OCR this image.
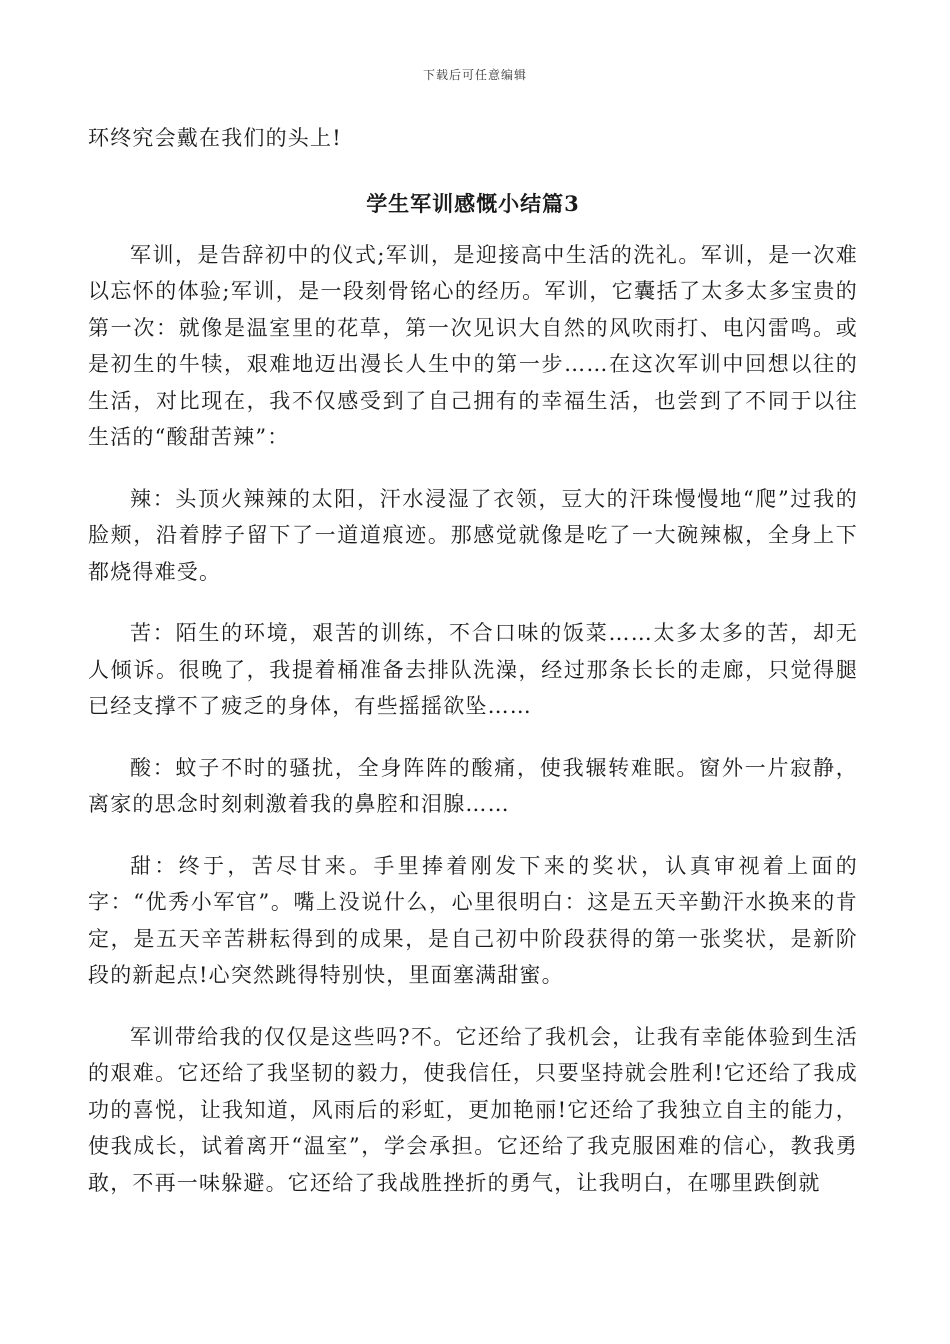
下载后可任意编辑

环终究会戴在我们的头上!

学生军训感慨小结篇3

军训，是告辞初中的仪式;军训，是迎接高中生活的洗礼。军训，是一次难以忘怀的体验;军训，是一段刻骨铭心的经历。军训，它囊括了太多太多宝贵的第一次：就像是温室里的花草，第一次见识大自然的风吹雨打、电闪雷鸣。或是初生的牛犊，艰难地迈出漫长人生中的第一步……在这次军训中回想以往的生活，对比现在，我不仅感受到了自己拥有的幸福生活，也尝到了不同于以往生活的“酸甜苦辣”：

辣：头顶火辣辣的太阳，汗水浸湿了衣领，豆大的汗珠慢慢地“爬”过我的脸颊，沿着脖子留下了一道道痕迹。那感觉就像是吃了一大碗辣椒，全身上下都烧得难受。

苦：陌生的环境，艰苦的训练，不合口味的饭菜……太多太多的苦，却无人倾诉。很晚了，我提着桶准备去排队洗澡，经过那条长长的走廊，只觉得腿已经支撑不了疲乏的身体，有些摇摇欲坠……

酸：蚊子不时的骚扰，全身阵阵的酸痛，使我辗转难眠。窗外一片寂静，离家的思念时刻刺激着我的鼻腔和泪腺……

甜：终于，苦尽甘来。手里捧着刚发下来的奖状，认真审视着上面的字：“优秀小军官”。嘴上没说什么，心里很明白：这是五天辛勤汗水换来的肯定，是五天辛苦耕耘得到的成果，是自己初中阶段获得的第一张奖状，是新阶段的新起点!心突然跳得特别快，里面塞满甜蜜。

军训带给我的仅仅是这些吗?不。它还给了我机会，让我有幸能体验到生活的艰难。它还给了我坚韧的毅力，使我信任，只要坚持就会胜利!它还给了我成功的喜悦，让我知道，风雨后的彩虹，更加艳丽!它还给了我独立自主的能力，使我成长，试着离开“温室”，学会承担。它还给了我克服困难的信心，教我勇敢，不再一味躲避。它还给了我战胜挫折的勇气，让我明白，在哪里跌倒就
